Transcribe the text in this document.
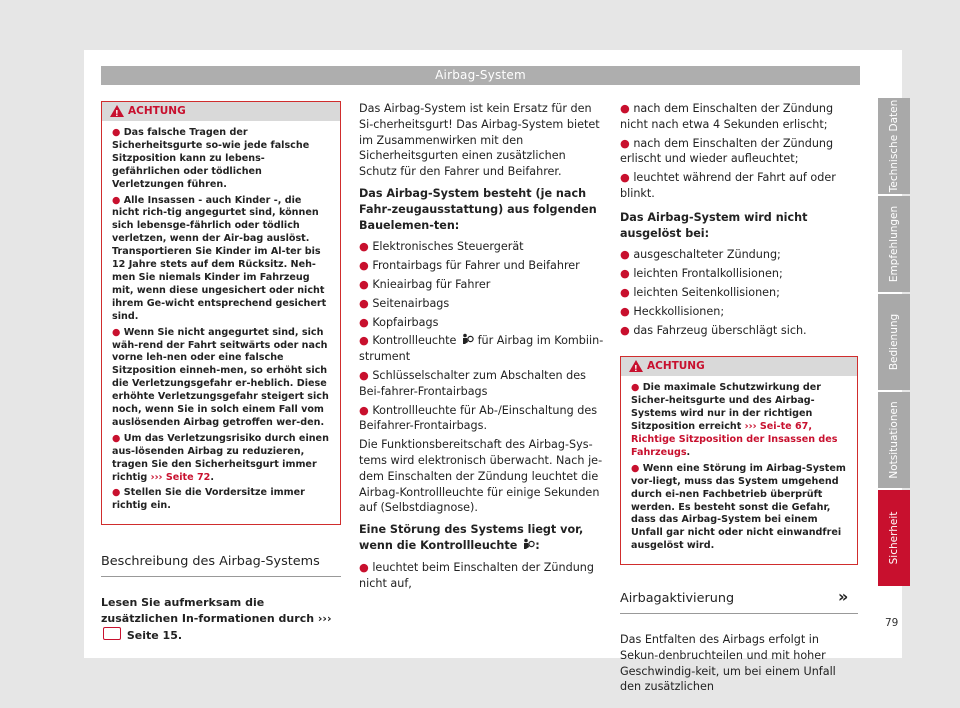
Airbag-System
!
ACHTUNG

● Das falsche Tragen der Sicherheitsgurte so-wie jede falsche Sitzposition kann zu lebens-gefährlichen oder tödlichen Verletzungen führen.

● Alle Insassen - auch Kinder -, die nicht rich-tig angegurtet sind, können sich lebensge-fährlich oder tödlich verletzen, wenn der Air-bag auslöst. Transportieren Sie Kinder im Al-ter bis 12 Jahre stets auf dem Rücksitz. Neh-men Sie niemals Kinder im Fahrzeug mit, wenn diese ungesichert oder nicht ihrem Ge-wicht entsprechend gesichert sind.

● Wenn Sie nicht angegurtet sind, sich wäh-rend der Fahrt seitwärts oder nach vorne leh-nen oder eine falsche Sitzposition einneh-men, so erhöht sich die Verletzungsgefahr er-heblich. Diese erhöhte Verletzungsgefahr steigert sich noch, wenn Sie in solch einem Fall vom auslösenden Airbag getroffen wer-den.

● Um das Verletzungsrisiko durch einen aus-lösenden Airbag zu reduzieren, tragen Sie den Sicherheitsgurt immer richtig ››› Seite 72.

● Stellen Sie die Vordersitze immer richtig ein.

Beschreibung des Airbag-Systems

Lesen Sie aufmerksam die zusätzlichen In-formationen durch ›››  Seite 15.

Das Airbag-System ist kein Ersatz für den Si-cherheitsgurt! Das Airbag-System bietet im Zusammenwirken mit den Sicherheitsgurten einen zusätzlichen Schutz für den Fahrer und Beifahrer.

Das Airbag-System besteht (je nach Fahr-zeugausstattung) aus folgenden Bauelemen-ten:

● Elektronisches Steuergerät

● Frontairbags für Fahrer und Beifahrer

● Knieairbag für Fahrer

● Seitenairbags

● Kopfairbags

● Kontrollleuchte für Airbag im Kombiin-strument

● Schlüsselschalter zum Abschalten des Bei-fahrer-Frontairbags

● Kontrollleuchte für Ab-/Einschaltung des Beifahrer-Frontairbags.

Die Funktionsbereitschaft des Airbag-Sys-tems wird elektronisch überwacht. Nach je-dem Einschalten der Zündung leuchtet die Airbag-Kontrollleuchte für einige Sekunden auf (Selbstdiagnose).

Eine Störung des Systems liegt vor, wenn die Kontrollleuchte :

● leuchtet beim Einschalten der Zündung nicht auf,

● nach dem Einschalten der Zündung nicht nach etwa 4 Sekunden erlischt;

● nach dem Einschalten der Zündung erlischt und wieder aufleuchtet;

● leuchtet während der Fahrt auf oder blinkt.

Das Airbag-System wird nicht ausgelöst bei:

● ausgeschalteter Zündung;

● leichten Frontalkollisionen;

● leichten Seitenkollisionen;

● Heckkollisionen;

● das Fahrzeug überschlägt sich.

!
ACHTUNG

● Die maximale Schutzwirkung der Sicher-heitsgurte und des Airbag-Systems wird nur in der richtigen Sitzposition erreicht ››› Sei-te 67, Richtige Sitzposition der Insassen des Fahrzeugs.

● Wenn eine Störung im Airbag-System vor-liegt, muss das System umgehend durch ei-nen Fachbetrieb überprüft werden. Es besteht sonst die Gefahr, dass das Airbag-System bei einem Unfall gar nicht oder nicht einwandfrei ausgelöst wird.

Airbagaktivierung

Das Entfalten des Airbags erfolgt in Sekun-denbruchteilen und mit hoher Geschwindig-keit, um bei einem Unfall den zusätzlichen

»
Technische Daten
Empfehlungen
Bedienung
Notsituationen
Sicherheit
79
